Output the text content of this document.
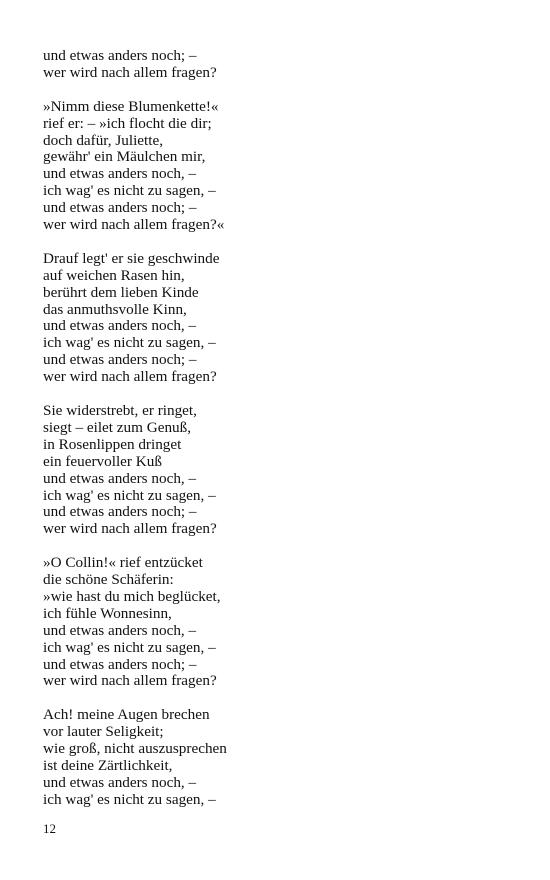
und etwas anders noch; –
wer wird nach allem fragen?
»Nimm diese Blumenkette!«
rief er: – »ich flocht die dir;
doch dafür, Juliette,
gewähr' ein Mäulchen mir,
und etwas anders noch, –
ich wag' es nicht zu sagen, –
und etwas anders noch; –
wer wird nach allem fragen?«
Drauf legt' er sie geschwinde
auf weichen Rasen hin,
berührt dem lieben Kinde
das anmuthsvolle Kinn,
und etwas anders noch, –
ich wag' es nicht zu sagen, –
und etwas anders noch; –
wer wird nach allem fragen?
Sie widerstrebt, er ringet,
siegt – eilet zum Genuß,
in Rosenlippen dringet
ein feuervoller Kuß
und etwas anders noch, –
ich wag' es nicht zu sagen, –
und etwas anders noch; –
wer wird nach allem fragen?
»O Collin!« rief entzücket
die schöne Schäferin:
»wie hast du mich beglücket,
ich fühle Wonnesinn,
und etwas anders noch, –
ich wag' es nicht zu sagen, –
und etwas anders noch; –
wer wird nach allem fragen?
Ach! meine Augen brechen
vor lauter Seligkeit;
wie groß, nicht auszusprechen
ist deine Zärtlichkeit,
und etwas anders noch, –
ich wag' es nicht zu sagen, –
12
